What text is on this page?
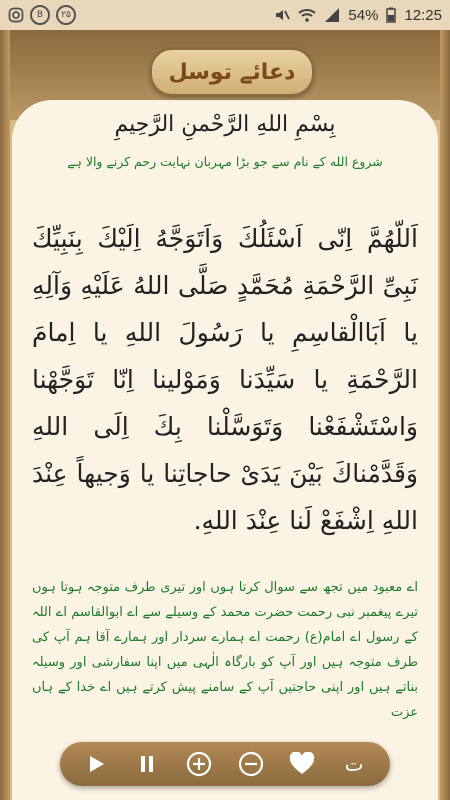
B	۲۵	54% 12:25
بِسْمِ اللهِ الرَّحْمنِ الرَّحِيمِ
شروع الله کے نام سے جو بڑا مہربان نہایت رحم کرنے والا ہے
اَللّهُمَّ اِنّى اَسْئَلُكَ وَاَتَوَجَّهُ اِلَيْكَ بِنَبِيِّكَ نَبِىِّ الرَّحْمَةِ مُحَمَّدٍ صَلَّى اللهُ عَلَيْهِ وَآلِهِ يا اَبَاالْقاسِمِ يا رَسُولَ اللهِ يا اِمامَ الرَّحْمَةِ يا سَيِّدَنا وَمَوْلينا اِنّا تَوَجَّهْنا وَاسْتَشْفَعْنا وَتَوَسَّلْنا بِكَ اِلَى اللهِ وَقَدَّمْناكَ بَيْنَ يَدَىْ حاجاتِنا يا وَجيهاً عِنْدَ اللهِ اِشْفَعْ لَنا عِنْدَ اللهِ.
اے معبود میں تجھ سے سوال کرتا ہوں اور تیری طرف متوجہ ہوتا ہوں تیرے پیغمبر نبی رحمت حضرت محمد کے وسیلے سے اے ابوالقاسم اے اللہ کے رسول اے امام(ع) رحمت اے ہمارے سردار اور ہمارے آقا ہم آپ کی طرف متوجہ ہیں اور آپ کو بارگاہ الٰہی میں اپنا سفارشی اور وسیلہ بناتے ہیں اور اپنی حاجتیں آپ کے سامنے پیش کرتے ہیں اے خدا کے ہاں عزت
دعائے توسل
ت
